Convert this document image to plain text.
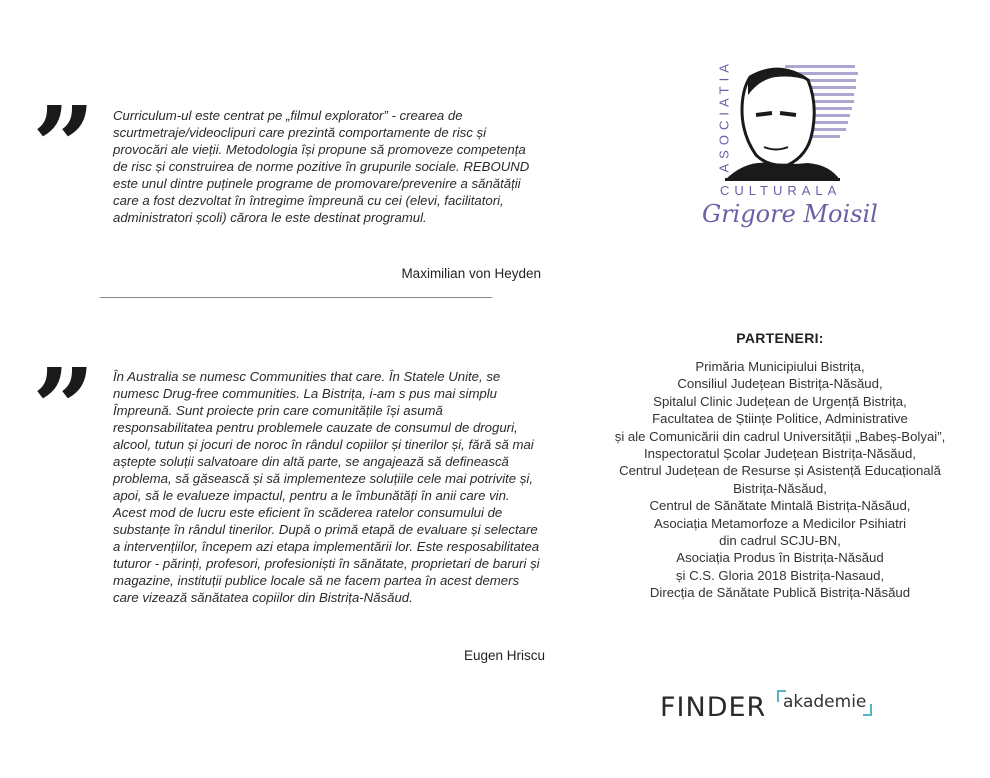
” Curriculum-ul este centrat pe „filmul explorator” - crearea de scurtmetraje/videoclipuri care prezintă comportamente de risc și provocări ale vieții. Metodologia își propune să promoveze competența de risc și construirea de norme pozitive în grupurile sociale. REBOUND este unul dintre puținele programe de promovare/prevenire a sănătății care a fost dezvoltat în întregime împreună cu cei (elevi, facilitatori, administratori școli) cărora le este destinat programul.

Maximilian von Heyden
” În Australia se numesc Communities that care. În Statele Unite, se numesc Drug-free communities. La Bistrița, i-am s pus mai simplu Împreună. Sunt proiecte prin care comunitățile își asumă responsabilitatea pentru problemele cauzate de consumul de droguri, alcool, tutun și jocuri de noroc în rândul copiilor și tinerilor și, fără să mai aștepte soluții salvatoare din altă parte, se angajează să definească problema, să găsească și să implementeze soluțiile cele mai potrivite și, apoi, să le evalueze impactul, pentru a le îmbunătăți în anii care vin. Acest mod de lucru este eficient în scăderea ratelor consumului de substanțe în rândul tinerilor. După o primă etapă de evaluare și selectare a intervențiilor, începem azi etapa implementării lor. Este resposabilitatea tuturor - părinți, profesori, profesioniști în sănătate, proprietari de baruri și magazine, instituții publice locale să ne facem partea în acest demers care vizează sănătatea copiilor din Bistrița-Năsăud.

Eugen Hriscu
ASOCIATIA
CULTURALA
Grigore Moisil
PARTENERI:
Primăria Municipiului Bistrița,
Consiliul Județean Bistrița-Năsăud,
Spitalul Clinic Județean de Urgență Bistrița,
Facultatea de Științe Politice, Administrative
și ale Comunicării din cadrul Universității „Babeș-Bolyai”,
Inspectoratul Școlar Județean Bistrița-Năsăud,
Centrul Județean de Resurse și Asistență Educațională
Bistrița-Năsăud,
Centrul de Sănătate Mintală Bistrița-Năsăud,
Asociația Metamorfoze a Medicilor Psihiatri
din cadrul SCJU-BN,
Asociația Produs în Bistrița-Năsăud
și C.S. Gloria 2018 Bistrița-Nasaud,
Direcția de Sănătate Publică Bistrița-Năsăud
FINDER akademie
